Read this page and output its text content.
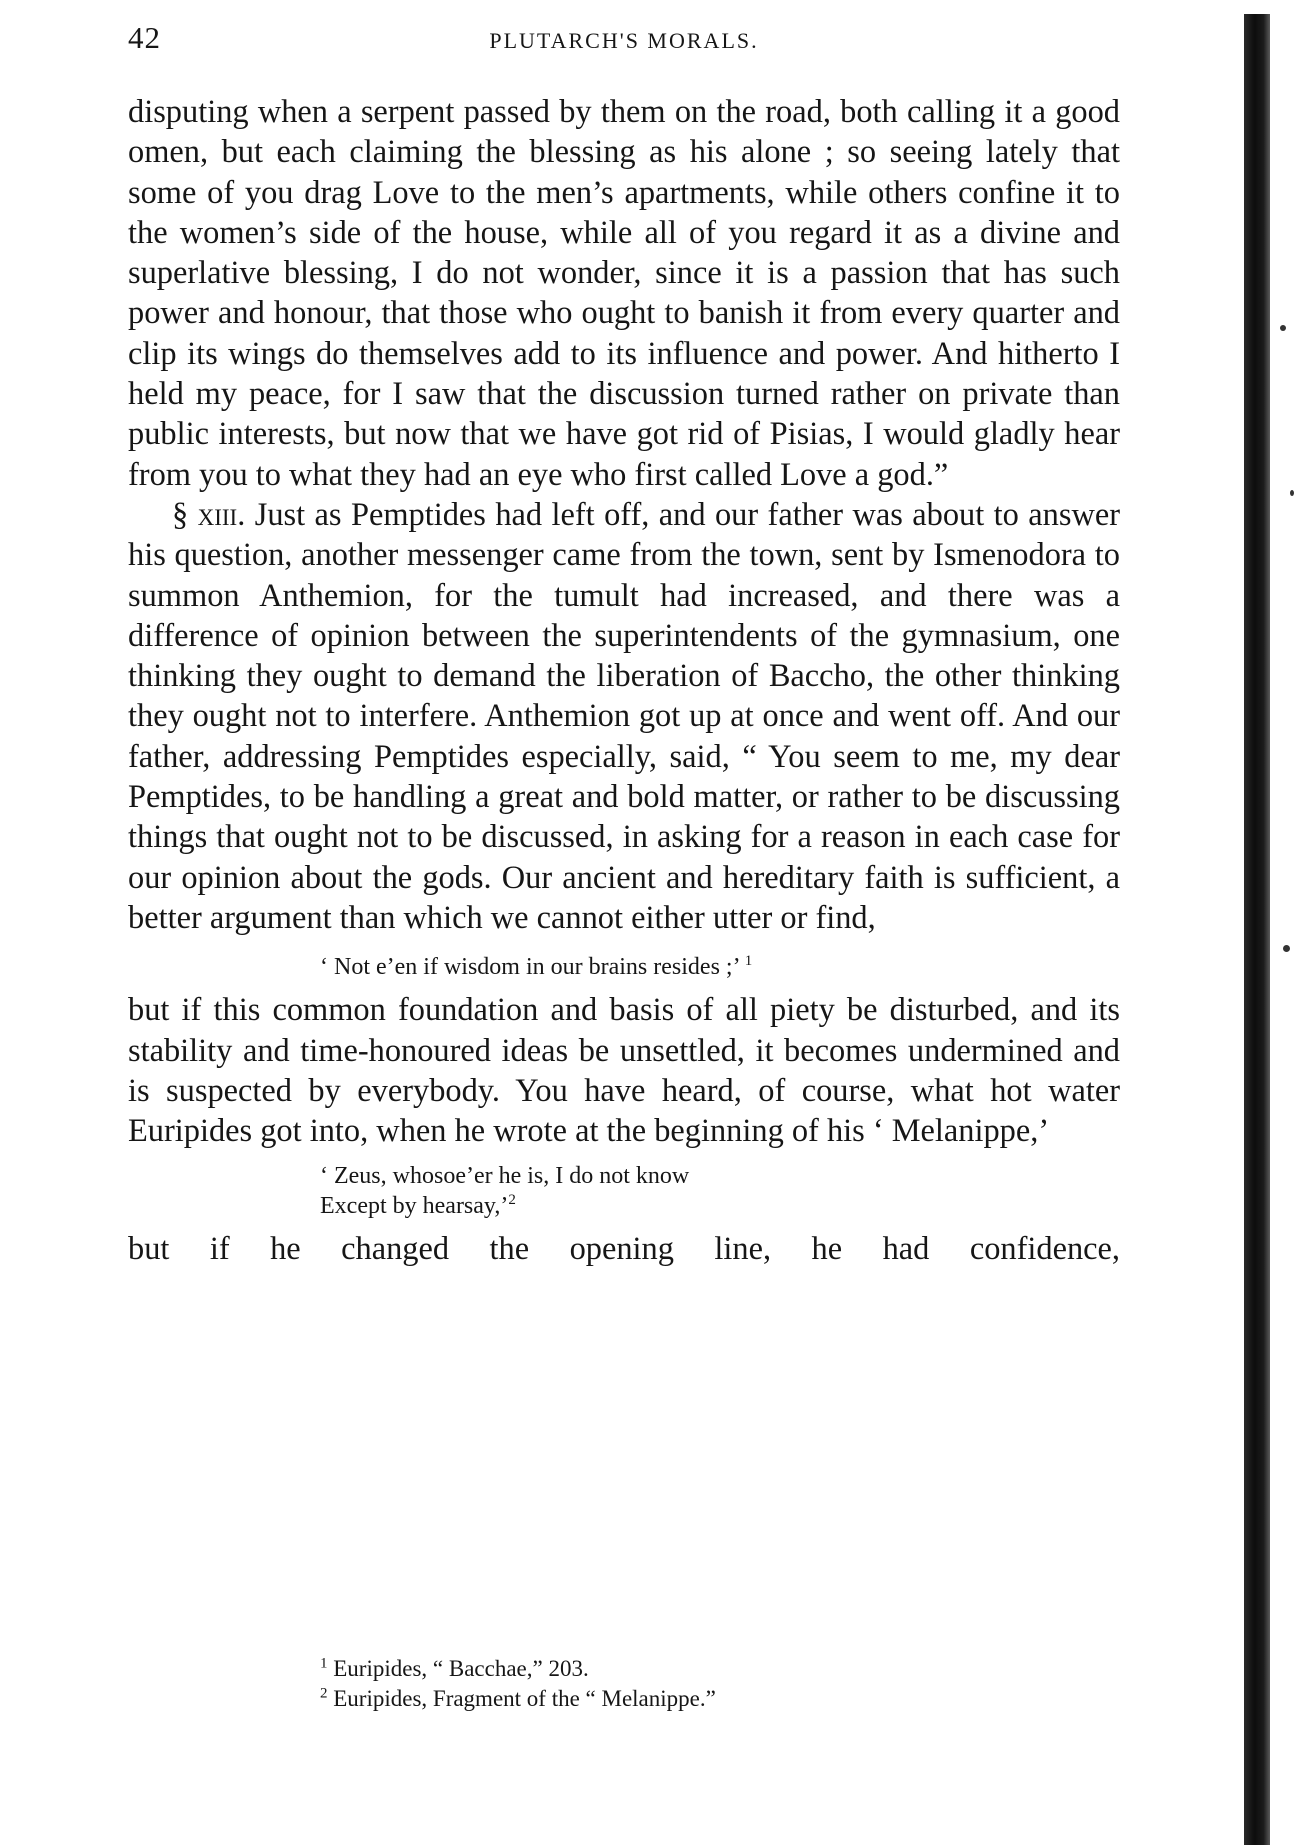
42	PLUTARCH'S MORALS.

disputing when a serpent passed by them on the road, both calling it a good omen, but each claiming the blessing as his alone ; so seeing lately that some of you drag Love to the men’s apartments, while others confine it to the women’s side of the house, while all of you regard it as a divine and superlative blessing, I do not wonder, since it is a passion that has such power and honour, that those who ought to banish it from every quarter and clip its wings do themselves add to its influence and power. And hitherto I held my peace, for I saw that the discussion turned rather on private than public interests, but now that we have got rid of Pisias, I would gladly hear from you to what they had an eye who first called Love a god.”

§ xiii. Just as Pemptides had left off, and our father was about to answer his question, another messenger came from the town, sent by Ismenodora to summon Anthemion, for the tumult had increased, and there was a difference of opinion between the superintendents of the gymnasium, one thinking they ought to demand the liberation of Baccho, the other thinking they ought not to interfere. Anthemion got up at once and went off. And our father, addressing Pemptides especially, said, “ You seem to me, my dear Pemptides, to be handling a great and bold matter, or rather to be discussing things that ought not to be discussed, in asking for a reason in each case for our opinion about the gods. Our ancient and hereditary faith is sufficient, a better argument than which we cannot either utter or find,

‘ Not e’en if wisdom in our brains resides ;’ $^1$

but if this common foundation and basis of all piety be disturbed, and its stability and time-honoured ideas be unsettled, it becomes undermined and is suspected by everybody. You have heard, of course, what hot water Euripides got into, when he wrote at the beginning of his ‘ Melanippe,’

‘ Zeus, whosoe’er he is, I do not know
Except by hearsay,’$^2$

but if he changed the opening line, he had confidence,

$^1$ Euripides, “ Bacchae,” 203.
$^2$ Euripides, Fragment of the “ Melanippe.”
